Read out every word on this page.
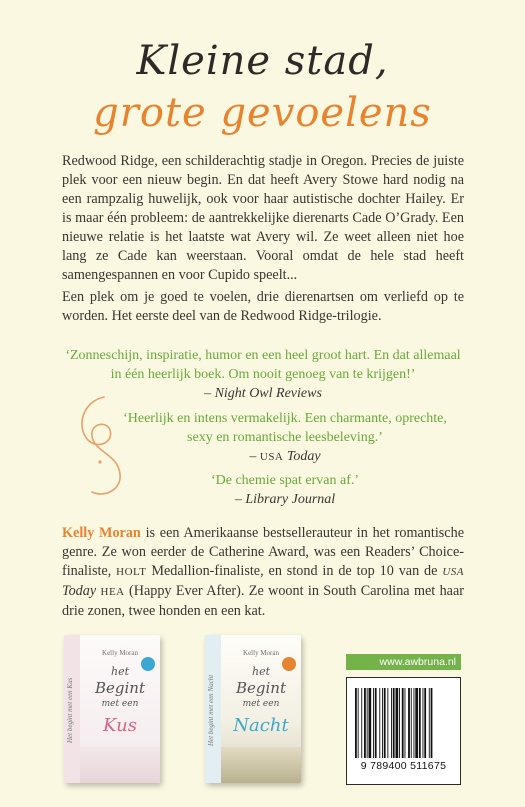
Kleine stad,
grote gevoelens

Redwood Ridge, een schilderachtig stadje in Oregon. Precies de juiste plek voor een nieuw begin. En dat heeft Avery Stowe hard nodig na een rampzalig huwelijk, ook voor haar autistische dochter Hailey. Er is maar één probleem: de aantrekkelijke dierenarts Cade O’Grady. Een nieuwe relatie is het laatste wat Avery wil. Ze weet alleen niet hoe lang ze Cade kan weerstaan. Vooral omdat de hele stad heeft samengespannen en voor Cupido speelt...

Een plek om je goed te voelen, drie dierenartsen om verliefd op te worden. Het eerste deel van de Redwood Ridge-trilogie.

‘Zonneschijn, inspiratie, humor en een heel groot hart. En dat allemaal in één heerlijk boek. Om nooit genoeg van te krijgen!’

– Night Owl Reviews

‘Heerlijk en intens vermakelijk. Een charmante, oprechte, sexy en romantische leesbeleving.’

– USA Today

‘De chemie spat ervan af.’

– Library Journal

Kelly Moran is een Amerikaanse bestsellerauteur in het romantische genre. Ze won eerder de Catherine Award, was een Readers’ Choice-finaliste, HOLT Medallion-finaliste, en stond in de top 10 van de USA Today HEA (Happy Ever After). Ze woont in South Carolina met haar drie zonen, twee honden en een kat.

Het begint met een Kus
Kelly Moran
het
Begint
met een
Kus	Het begint met een Nacht
Kelly Moran
het
Begint
met een
Nacht
www.awbruna.nl
9 789400 511675
